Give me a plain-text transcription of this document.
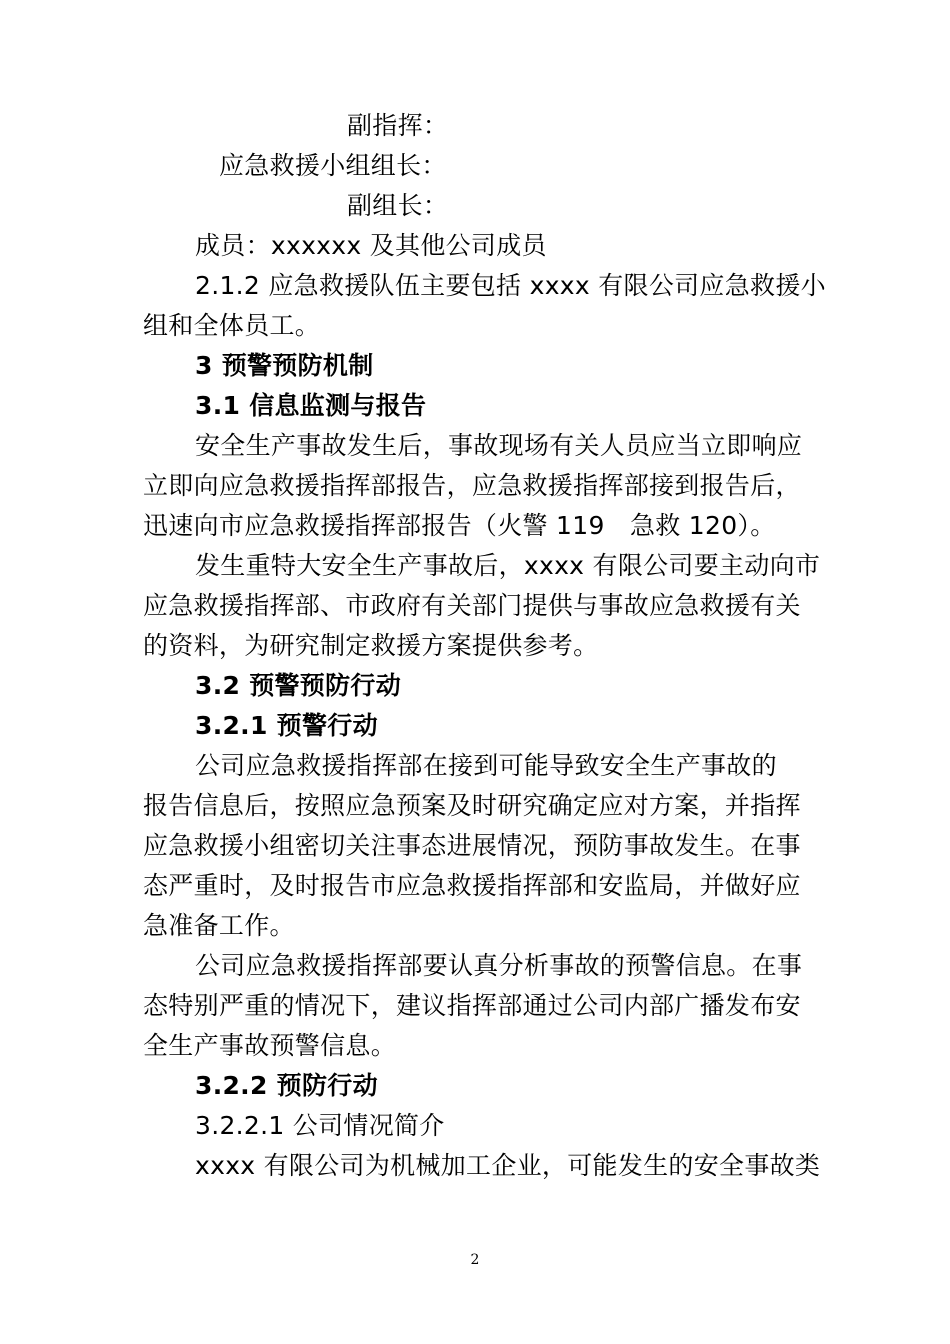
副指挥：
应急救援小组组长：
副组长：
成员：xxxxxx 及其他公司成员
2.1.2 应急救援队伍主要包括 xxxx 有限公司应急救援小
组和全体员工。
3 预警预防机制
3.1 信息监测与报告
安全生产事故发生后，事故现场有关人员应当立即响应
立即向应急救援指挥部报告，应急救援指挥部接到报告后，
迅速向市应急救援指挥部报告（火警 119　急救 120）。
发生重特大安全生产事故后，xxxx 有限公司要主动向市
应急救援指挥部、市政府有关部门提供与事故应急救援有关
的资料，为研究制定救援方案提供参考。
3.2 预警预防行动
3.2.1 预警行动
公司应急救援指挥部在接到可能导致安全生产事故的
报告信息后，按照应急预案及时研究确定应对方案，并指挥
应急救援小组密切关注事态进展情况，预防事故发生。在事
态严重时，及时报告市应急救援指挥部和安监局，并做好应
急准备工作。
公司应急救援指挥部要认真分析事故的预警信息。在事
态特别严重的情况下，建议指挥部通过公司内部广播发布安
全生产事故预警信息。
3.2.2 预防行动
3.2.2.1 公司情况简介
xxxx 有限公司为机械加工企业，可能发生的安全事故类
2
